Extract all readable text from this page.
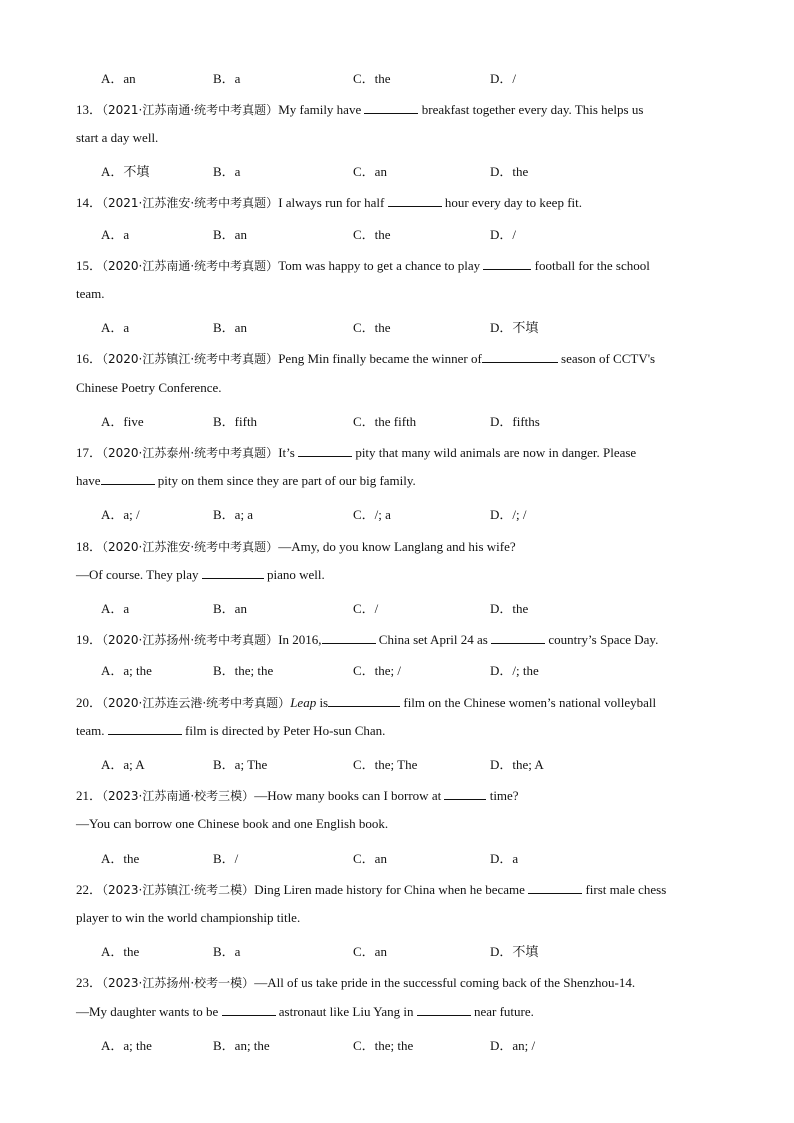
A．an	B．a	C．the	D．/
13．（2021·江苏南通·统考中考真题）My family have	breakfast together every day. This helps us
start a day well.
A．不填	B．a	C．an	D．the
14．（2021·江苏淮安·统考中考真题）I always run for half	hour every day to keep fit.
A．a	B．an	C．the	D．/
15．（2020·江苏南通·统考中考真题）Tom was happy to get a chance to play	football for the school
team.
A．a	B．an	C．the	D．不填
16．（2020·江苏镇江·统考中考真题）Peng Min finally became the winner of	season of CCTV's
Chinese Poetry Conference.
A．five	B．fifth	C．the fifth	D．fifths
17．（2020·江苏泰州·统考中考真题）It’s	pity that many wild animals are now in danger. Please
have	pity on them since they are part of our big family.
A．a; /	B．a; a	C．/; a	D．/; /
18．（2020·江苏淮安·统考中考真题）—Amy, do you know Langlang and his wife?
—Of course. They play	piano well.
A．a	B．an	C．/	D．the
19．（2020·江苏扬州·统考中考真题）In 2016,	China set April 24 as	country’s Space Day.
A．a; the	B．the; the	C．the; /	D．/; the
20．（2020·江苏连云港·统考中考真题）Leap is	film on the Chinese women’s national volleyball
team.	film is directed by Peter Ho-sun Chan.
A．a; A	B．a; The	C．the; The	D．the; A
21．（2023·江苏南通·校考三模）—How many books can I borrow at	time?
—You can borrow one Chinese book and one English book.
A．the	B．/	C．an	D．a
22．（2023·江苏镇江·统考二模）Ding Liren made history for China when he became	first male chess
player to win the world championship title.
A．the	B．a	C．an	D．不填
23．（2023·江苏扬州·校考一模）—All of us take pride in the successful coming back of the Shenzhou-14.
—My daughter wants to be	astronaut like Liu Yang in	near future.
A．a; the	B．an; the	C．the; the	D．an; /
